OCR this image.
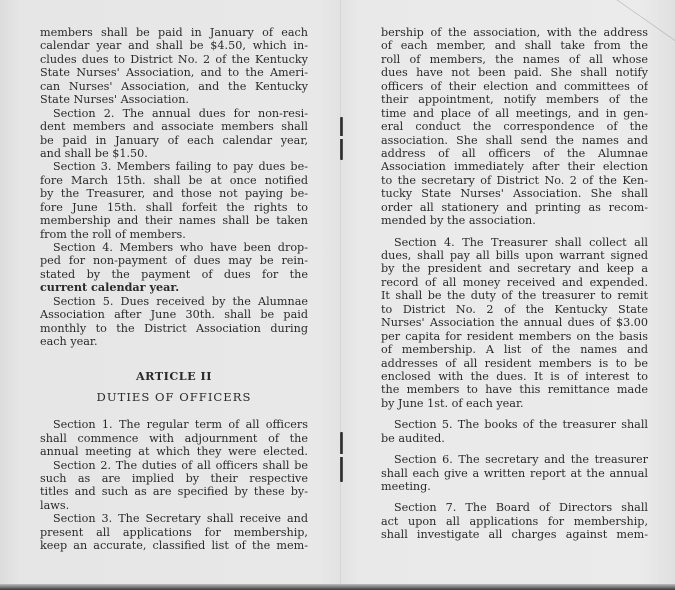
members shall be paid in January of each
calendar year and shall be $4.50, which in-
cludes dues to District No. 2 of the Kentucky
State Nurses' Association, and to the Ameri-
can Nurses' Association, and the Kentucky
State Nurses' Association.
Section 2. The annual dues for non-resi-
dent members and associate members shall
be paid in January of each calendar year,
and shall be $1.50.
Section 3. Members failing to pay dues be-
fore March 15th. shall be at once notified
by the Treasurer, and those not paying be-
fore June 15th. shall forfeit the rights to
membership and their names shall be taken
from the roll of members.
Section 4. Members who have been drop-
ped for non-payment of dues may be rein-
stated by the payment of dues for the
current calendar year.
Section 5. Dues received by the Alumnae
Association after June 30th. shall be paid
monthly to the District Association during
each year.
ARTICLE II
DUTIES OF OFFICERS
Section 1. The regular term of all officers
shall commence with adjournment of the
annual meeting at which they were elected.
Section 2. The duties of all officers shall be
such as are implied by their respective
titles and such as are specified by these by-
laws.
Section 3. The Secretary shall receive and
present all applications for membership,
keep an accurate, classified list of the mem-
bership of the association, with the address
of each member, and shall take from the
roll of members, the names of all whose
dues have not been paid. She shall notify
officers of their election and committees of
their appointment, notify members of the
time and place of all meetings, and in gen-
eral conduct the correspondence of the
association. She shall send the names and
address of all officers of the Alumnae
Association immediately after their election
to the secretary of District No. 2 of the Ken-
tucky State Nurses' Association. She shall
order all stationery and printing as recom-
mended by the association.
Section 4. The Treasurer shall collect all
dues, shall pay all bills upon warrant signed
by the president and secretary and keep a
record of all money received and expended.
It shall be the duty of the treasurer to remit
to District No. 2 of the Kentucky State
Nurses' Association the annual dues of $3.00
per capita for resident members on the basis
of membership. A list of the names and
addresses of all resident members is to be
enclosed with the dues. It is of interest to
the members to have this remittance made
by June 1st. of each year.
Section 5. The books of the treasurer shall
be audited.
Section 6. The secretary and the treasurer
shall each give a written report at the annual
meeting.
Section 7. The Board of Directors shall
act upon all applications for membership,
shall investigate all charges against mem-
